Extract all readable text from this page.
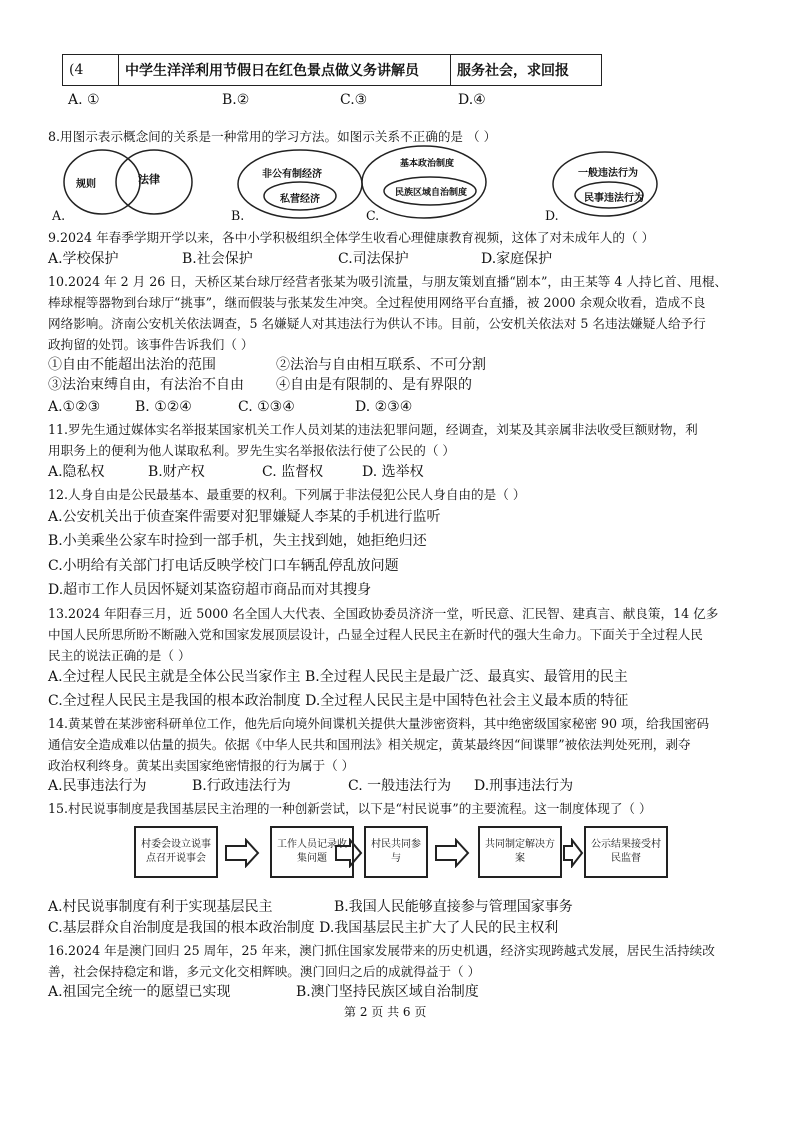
(4	中学生洋洋利用节假日在红色景点做义务讲解员	服务社会，求回报
A. ①	B.②	C.③	D.④
8.用图示表示概念间的关系是一种常用的学习方法。如图示关系不正确的是 （ ）
规则	法律	非公有制经济
私营经济
基本政治制度
民族区域自治制度
一般违法行为
民事违法行为
A.	B.	C.	D.
9.2024 年春季学期开学以来，各中小学积极组织全体学生收看心理健康教育视频，这体了对未成年人的（ ）
A.学校保护	B.社会保护	C.司法保护	D.家庭保护
10.2024 年 2 月 26 日，天桥区某台球厅经营者张某为吸引流量，与朋友策划直播“剧本”，由王某等 4 人持匕首、甩棍、
棒球棍等器物到台球厅“挑事”，继而假装与张某发生冲突。全过程使用网络平台直播，被 2000 余观众收看，造成不良
网络影响。济南公安机关依法调查，5 名嫌疑人对其违法行为供认不讳。目前，公安机关依法对 5 名违法嫌疑人给予行
政拘留的处罚。该事件告诉我们（ ）
①自由不能超出法治的范围	②法治与自由相互联系、不可分割
③法治束缚自由，有法治不自由 ④自由是有限制的、是有界限的
A.①②③ B. ①②④	C. ①③④	D. ②③④
11.罗先生通过媒体实名举报某国家机关工作人员刘某的违法犯罪问题，经调查，刘某及其亲属非法收受巨额财物，利
用职务上的便利为他人谋取私利。罗先生实名举报依法行使了公民的（ ）
A.隐私权	B.财产权	C. 监督权	D. 选举权
12.人身自由是公民最基本、最重要的权利。下列属于非法侵犯公民人身自由的是（ ）
A.公安机关出于侦查案件需要对犯罪嫌疑人李某的手机进行监听
B.小美乘坐公家车时捡到一部手机，失主找到她，她拒绝归还
C.小明给有关部门打电话反映学校门口车辆乱停乱放问题
D.超市工作人员因怀疑刘某盗窃超市商品而对其搜身
13.2024 年阳春三月，近 5000 名全国人大代表、全国政协委员济济一堂，听民意、汇民智、建真言、献良策，14 亿多
中国人民所思所盼不断融入党和国家发展顶层设计，凸显全过程人民民主在新时代的强大生命力。下面关于全过程人民
民主的说法正确的是（ ）
A.全过程人民民主就是全体公民当家作主 B.全过程人民民主是最广泛、最真实、最管用的民主
C.全过程人民民主是我国的根本政治制度 D.全过程人民民主是中国特色社会主义最本质的特征
14.黄某曾在某涉密科研单位工作，他先后向境外间谍机关提供大量涉密资料，其中绝密级国家秘密 90 项，给我国密码
通信安全造成难以估量的损失。依据《中华人民共和国刑法》相关规定，黄某最终因“间谍罪”被依法判处死刑，剥夺
政治权利终身。黄某出卖国家绝密情报的行为属于（ ）
A.民事违法行为	B.行政违法行为	C. 一般违法行为 D.刑事违法行为
15.村民说事制度是我国基层民主治理的一种创新尝试，以下是“村民说事”的主要流程。这一制度体现了（ ）
村委会设立说事点召开说事会
工作人员记录收集问题
村民共同参与
共同制定解决方案
公示结果接受村民监督
A.村民说事制度有利于实现基层民主	B.我国人民能够直接参与管理国家事务
C.基层群众自治制度是我国的根本政治制度 D.我国基层民主扩大了人民的民主权利
16.2024 年是澳门回归 25 周年，25 年来，澳门抓住国家发展带来的历史机遇，经济实现跨越式发展，居民生活持续改
善，社会保持稳定和谐，多元文化交相辉映。澳门回归之后的成就得益于（ ）
A.祖国完全统一的愿望已实现	B.澳门坚持民族区域自治制度
第 2 页 共 6 页
